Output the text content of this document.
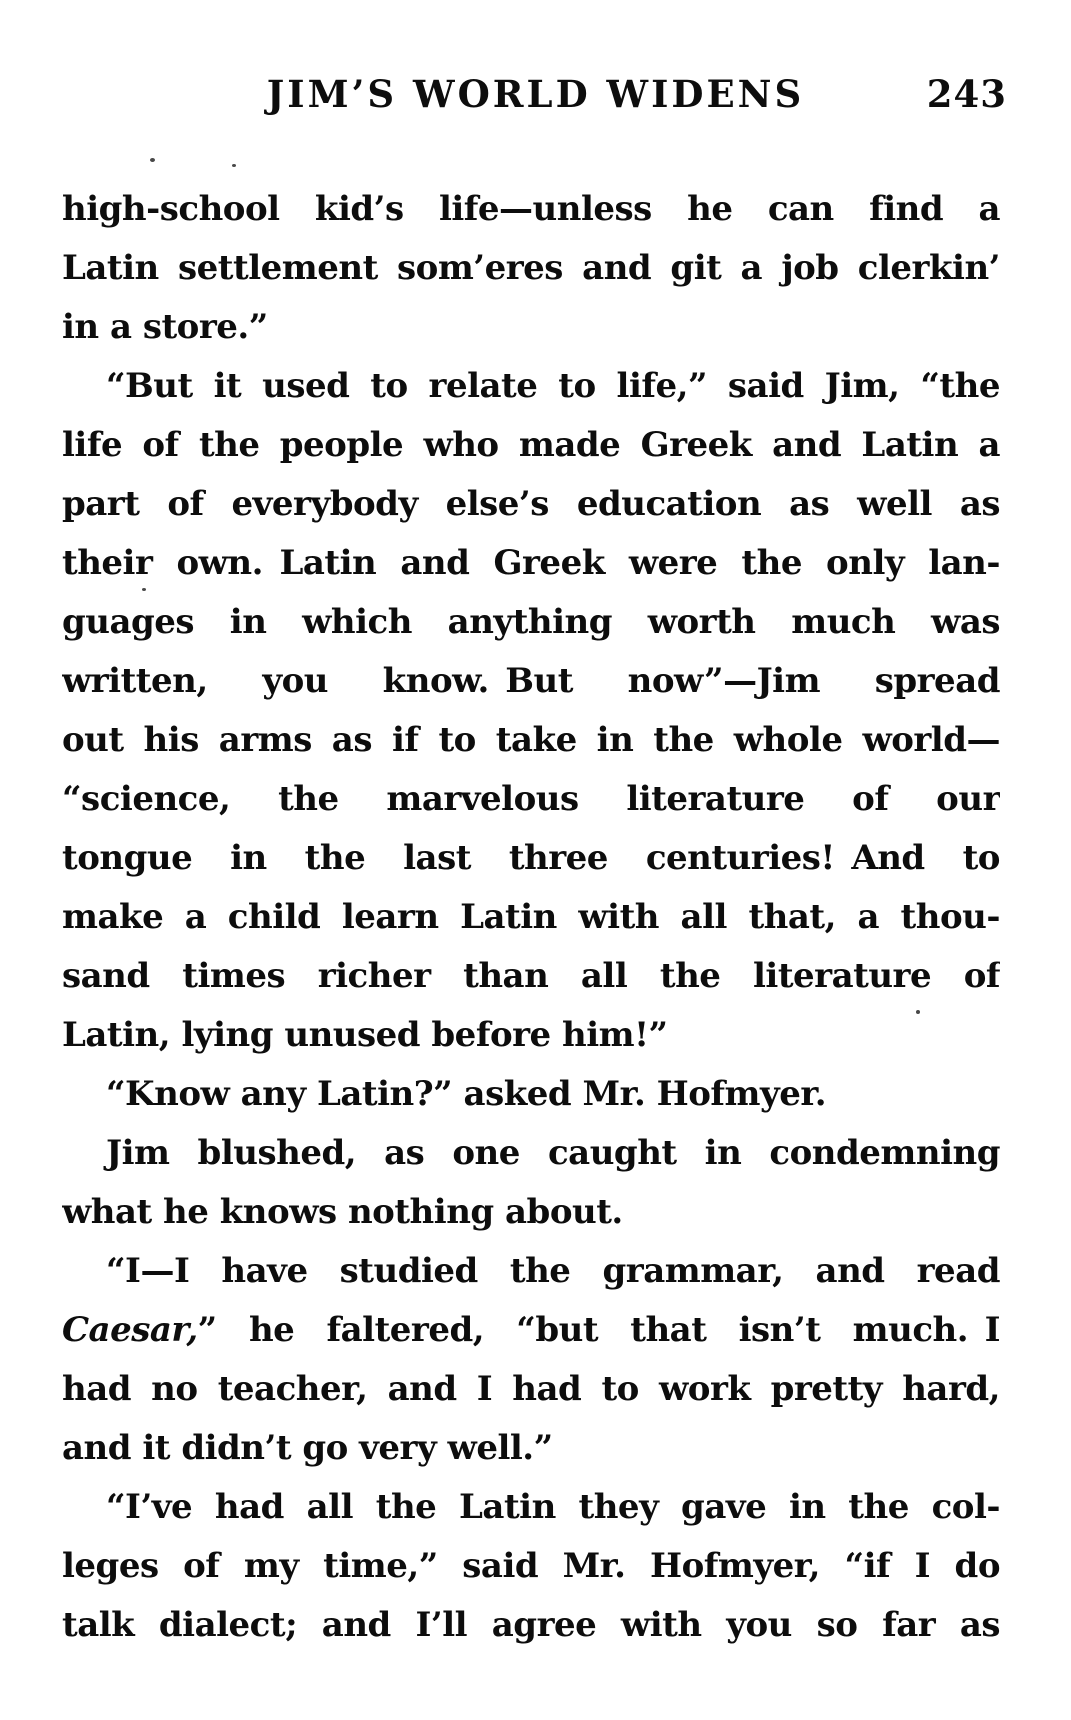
JIM’S WORLD WIDENS	243
high-school kid’s life—unless he can find a
Latin settlement som’eres and git a job clerkin’
in a store.”
“But it used to relate to life,” said Jim, “the
life of the people who made Greek and Latin a
part of everybody else’s education as well as
their own. Latin and Greek were the only lan-
guages in which anything worth much was
written, you know. But now”—Jim spread
out his arms as if to take in the whole world—
“science, the marvelous literature of our
tongue in the last three centuries! And to
make a child learn Latin with all that, a thou-
sand times richer than all the literature of
Latin, lying unused before him!”
“Know any Latin?” asked Mr. Hofmyer.
Jim blushed, as one caught in condemning
what he knows nothing about.
“I—I have studied the grammar, and read
Caesar,” he faltered, “but that isn’t much. I
had no teacher, and I had to work pretty hard,
and it didn’t go very well.”
“I’ve had all the Latin they gave in the col-
leges of my time,” said Mr. Hofmyer, “if I do
talk dialect; and I’ll agree with you so far as
